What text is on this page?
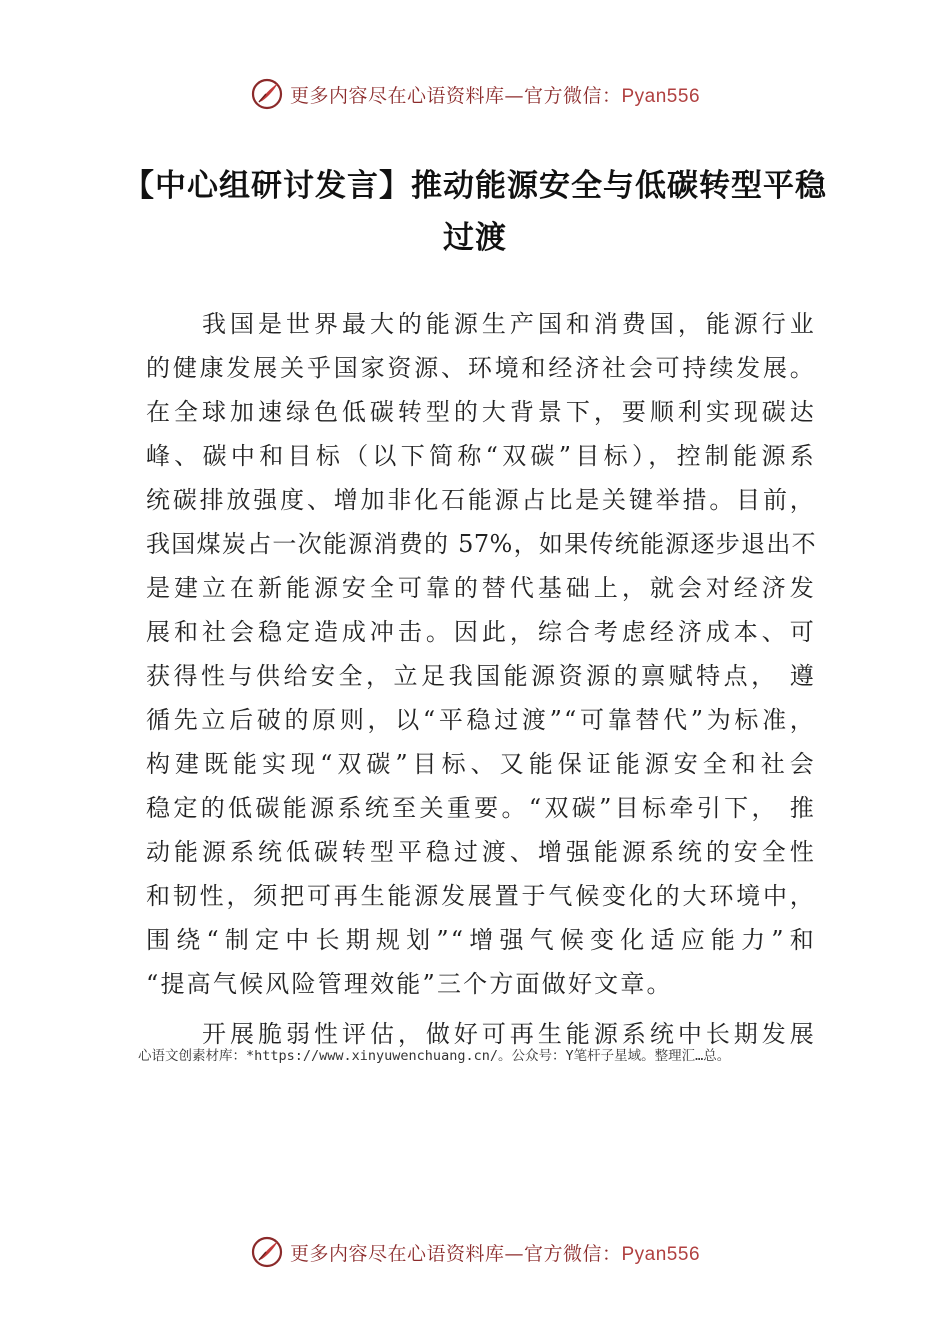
更多内容尽在心语资料库—官方微信：Pyan556
【中心组研讨发言】推动能源安全与低碳转型平稳过渡
我国是世界最大的能源生产国和消费国，能源行业
的健康发展关乎国家资源、环境和经济社会可持续发展。
在全球加速绿色低碳转型的大背景下，要顺利实现碳达
峰、碳中和目标（以下简称“双碳”目标），控制能源系
统碳排放强度、增加非化石能源占比是关键举措。目前，
我国煤炭占一次能源消费的 57%，如果传统能源逐步退出不
是建立在新能源安全可靠的替代基础上，就会对经济发
展和社会稳定造成冲击。因此，综合考虑经济成本、可
获得性与供给安全，立足我国能源资源的禀赋特点， 遵
循先立后破的原则，以“平稳过渡”“可靠替代”为标准，
构建既能实现“双碳”目标、又能保证能源安全和社会
稳定的低碳能源系统至关重要。“双碳”目标牵引下， 推
动能源系统低碳转型平稳过渡、增强能源系统的安全性
和韧性，须把可再生能源发展置于气候变化的大环境中，
围绕“制定中长期规划”“增强气候变化适应能力”和
“提高气候风险管理效能”三个方面做好文章。
开展脆弱性评估，做好可再生能源系统中长期发展

心语文创素材库：*https://www.xinyuwenchuang.cn/。公众号：Y笔杆子星域。整理汇…总。

更多内容尽在心语资料库—官方微信：Pyan556
